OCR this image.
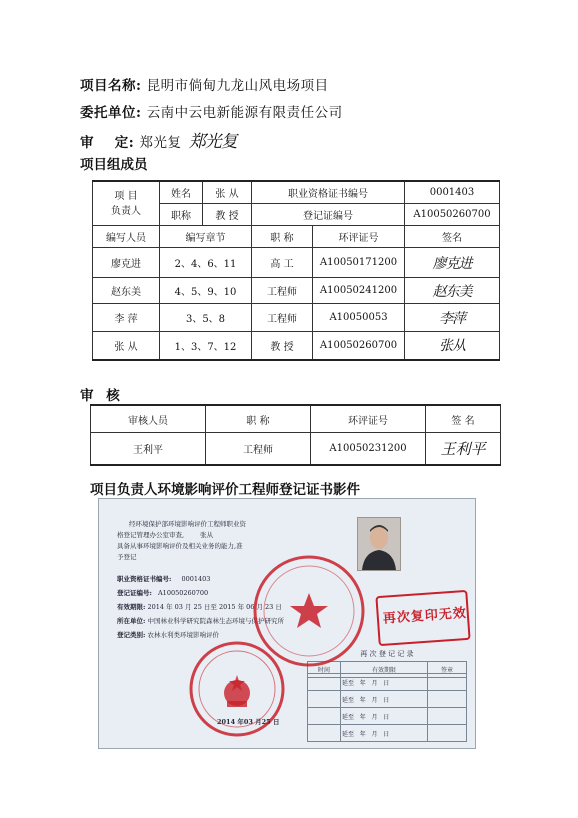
项目名称: 昆明市倘甸九龙山风电场项目
委托单位: 云南中云电新能源有限责任公司
审    定: 郑光复 郑光复
项目组成员
项 目
负责人	姓名	张 从	职业资格证书编号		0001403
	职称	教 授	登记证编号		A10050260700
编写人员	编写章节		职 称	环评证号	签名
廖克进	2、4、6、11		高 工	A10050171200	廖克进
赵东美	4、5、9、10		工程师	A10050241200	赵东美
李 萍	3、5、8		工程师	A10050053	李萍
张 从	1、3、7、12		教 授	A10050260700	张从
审 核
审核人员	职 称	环评证号	签 名
王利平	工程师	A10050231200	王利平
项目负责人环境影响评价工程师登记证书影件
经环境保护部环境影响评价工程师职业资
格登记管理办公室审查, 张从
具备从事环境影响评价及相关业务的能力,准
予登记
职业资格证书编号: 0001403
登记证编号: A10050260700
有效期限: 2014 年 03 月 25 日至 2015 年 06 月 23 日
所在单位: 中国林业科学研究院森林生态环境与保护研究所
登记类别: 农林水利类环境影响评价
再 次 登 记 记 录
时间	有效期限	签章
	延至 年 月 日	
	延至 年 月 日	
	延至 年 月 日	
	延至 年 月 日	
再次复印无效
2014 年03 月25 日
